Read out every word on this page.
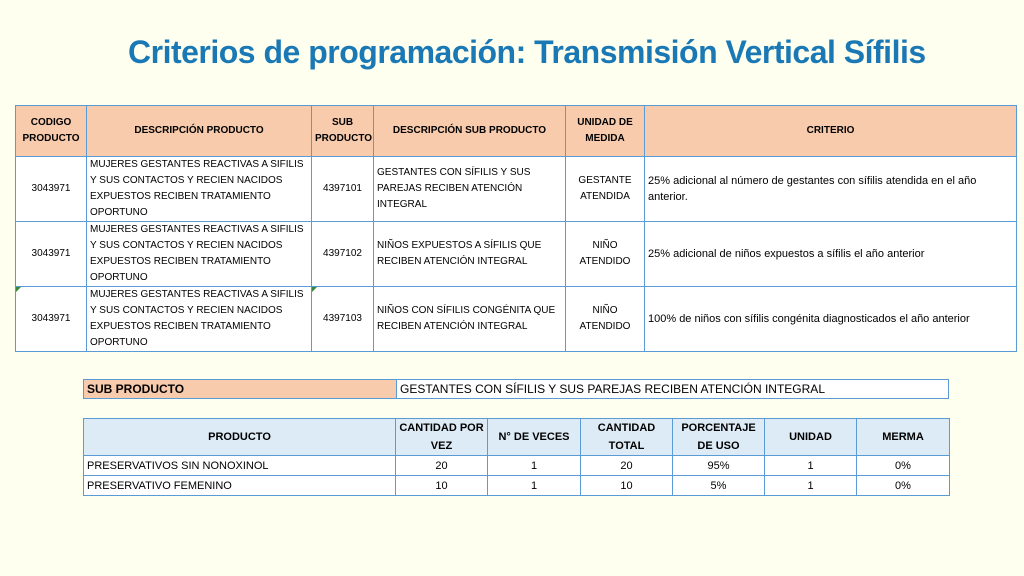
Criterios de programación: Transmisión Vertical Sífilis
CODIGO PRODUCTO	DESCRIPCIÓN PRODUCTO	SUB PRODUCTO	DESCRIPCIÓN SUB PRODUCTO	UNIDAD DE MEDIDA	CRITERIO
3043971	MUJERES GESTANTES REACTIVAS A SIFILIS Y SUS CONTACTOS Y RECIEN NACIDOS EXPUESTOS RECIBEN TRATAMIENTO OPORTUNO	4397101	GESTANTES CON SÍFILIS Y SUS PAREJAS RECIBEN ATENCIÓN INTEGRAL	GESTANTE ATENDIDA	25% adicional al número de gestantes con sífilis atendida en el año anterior.
3043971	MUJERES GESTANTES REACTIVAS A SIFILIS Y SUS CONTACTOS Y RECIEN NACIDOS EXPUESTOS RECIBEN TRATAMIENTO OPORTUNO	4397102	NIÑOS EXPUESTOS A SÍFILIS QUE RECIBEN ATENCIÓN INTEGRAL	NIÑO ATENDIDO	25% adicional de niños expuestos a sífilis el año anterior
3043971	MUJERES GESTANTES REACTIVAS A SIFILIS Y SUS CONTACTOS Y RECIEN NACIDOS EXPUESTOS RECIBEN TRATAMIENTO OPORTUNO	4397103	NIÑOS CON SÍFILIS CONGÉNITA QUE RECIBEN ATENCIÓN INTEGRAL	NIÑO ATENDIDO	100% de niños con sífilis congénita diagnosticados el año anterior
SUB PRODUCTO	GESTANTES CON SÍFILIS Y SUS PAREJAS RECIBEN ATENCIÓN INTEGRAL
PRODUCTO	CANTIDAD POR VEZ	N° DE VECES	CANTIDAD TOTAL	PORCENTAJE DE USO	UNIDAD	MERMA
PRESERVATIVOS SIN NONOXINOL	20	1	20	95%	1	0%
PRESERVATIVO FEMENINO	10	1	10	5%	1	0%
